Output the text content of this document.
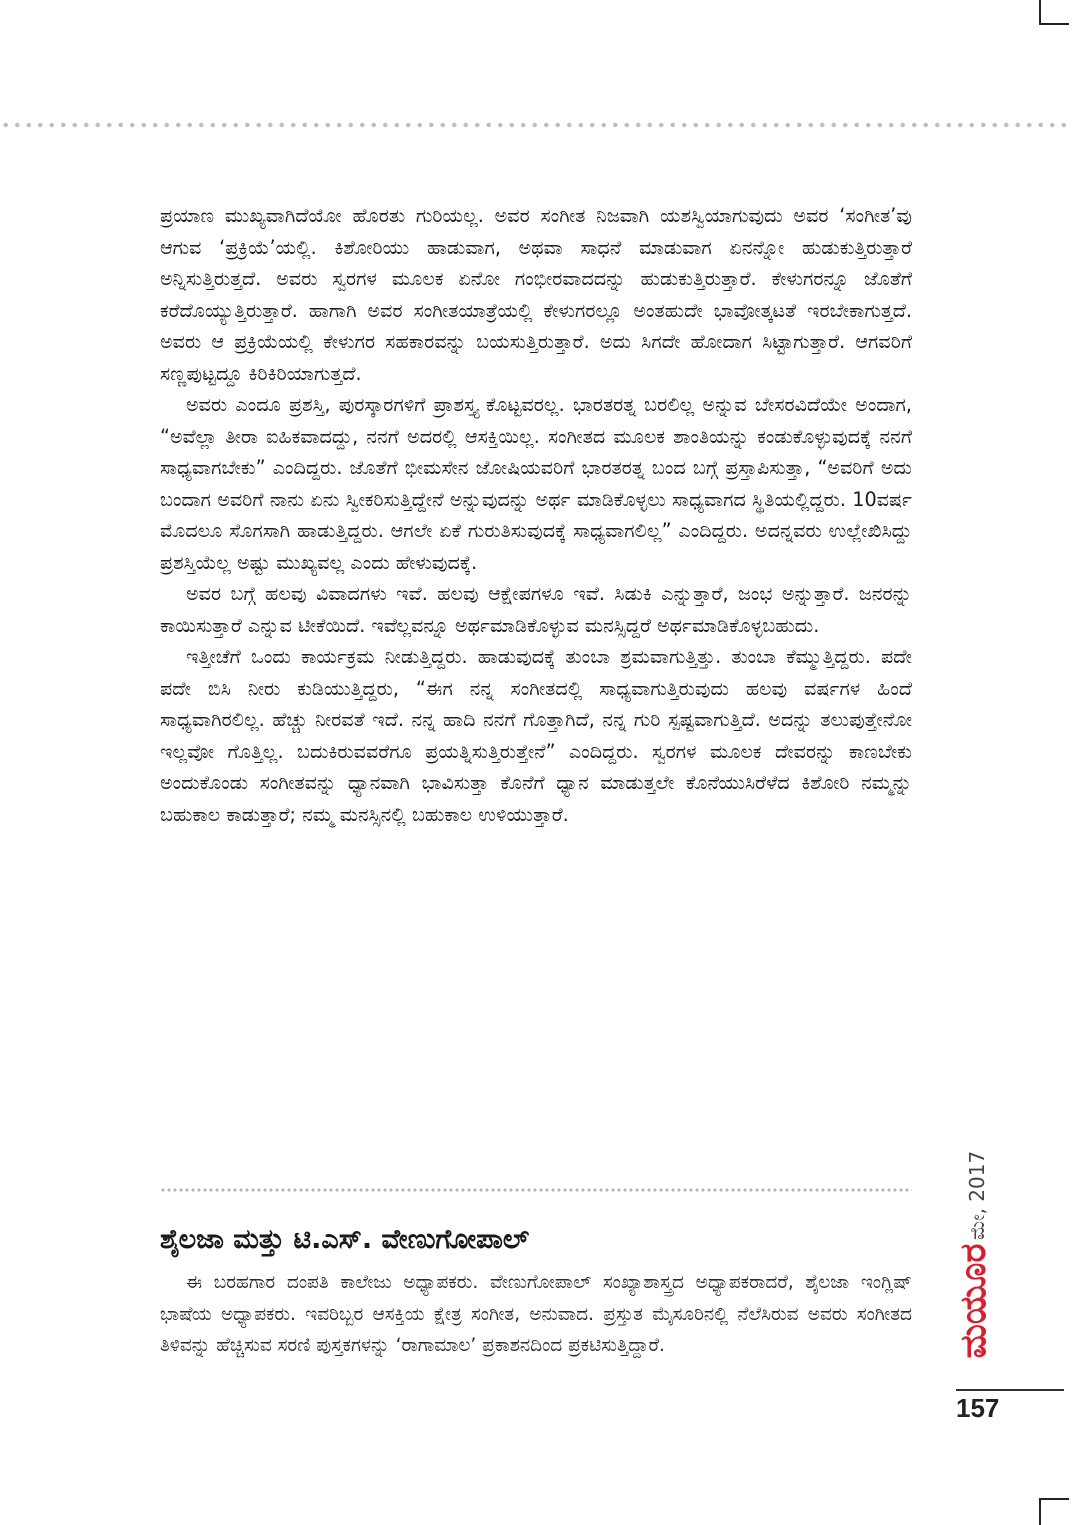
ಪ್ರಯಾಣ ಮುಖ್ಯವಾಗಿದೆಯೋ ಹೊರತು ಗುರಿಯಲ್ಲ. ಅವರ ಸಂಗೀತ ನಿಜವಾಗಿ ಯಶಸ್ವಿಯಾಗುವುದು ಅವರ ‘ಸಂಗೀತ’ವು ಆಗುವ ‘ಪ್ರಕ್ರಿಯೆ’ಯಲ್ಲಿ. ಕಿಶೋರಿಯು ಹಾಡುವಾಗ, ಅಥವಾ ಸಾಧನೆ ಮಾಡುವಾಗ ಏನನ್ನೋ ಹುಡುಕುತ್ತಿರುತ್ತಾರೆ ಅನ್ನಿಸುತ್ತಿರುತ್ತದೆ. ಅವರು ಸ್ವರಗಳ ಮೂಲಕ ಏನೋ ಗಂಭೀರವಾದದನ್ನು ಹುಡುಕುತ್ತಿರುತ್ತಾರೆ. ಕೇಳುಗರನ್ನೂ ಜೊತೆಗೆ ಕರೆದೊಯ್ಯುತ್ತಿರುತ್ತಾರೆ. ಹಾಗಾಗಿ ಅವರ ಸಂಗೀತಯಾತ್ರೆಯಲ್ಲಿ ಕೇಳುಗರಲ್ಲೂ ಅಂತಹುದೇ ಭಾವೋತ್ಕಟತೆ ಇರಬೇಕಾಗುತ್ತದೆ. ಅವರು ಆ ಪ್ರಕ್ರಿಯೆಯಲ್ಲಿ ಕೇಳುಗರ ಸಹಕಾರವನ್ನು ಬಯಸುತ್ತಿರುತ್ತಾರೆ. ಅದು ಸಿಗದೇ ಹೋದಾಗ ಸಿಟ್ಟಾಗುತ್ತಾರೆ. ಆಗವರಿಗೆ ಸಣ್ಣಪುಟ್ಟದ್ದೂ ಕಿರಿಕಿರಿಯಾಗುತ್ತದೆ.

ಅವರು ಎಂದೂ ಪ್ರಶಸ್ತಿ, ಪುರಸ್ಕಾರಗಳಿಗೆ ಪ್ರಾಶಸ್ತ್ಯ ಕೊಟ್ಟವರಲ್ಲ. ಭಾರತರತ್ನ ಬರಲಿಲ್ಲ ಅನ್ನುವ ಬೇಸರವಿದೆಯೇ ಅಂದಾಗ, “ಅವೆಲ್ಲಾ ತೀರಾ ಐಹಿಕವಾದದ್ದು, ನನಗೆ ಅದರಲ್ಲಿ ಆಸಕ್ತಿಯಿಲ್ಲ. ಸಂಗೀತದ ಮೂಲಕ ಶಾಂತಿಯನ್ನು ಕಂಡುಕೊಳ್ಳುವುದಕ್ಕೆ ನನಗೆ ಸಾಧ್ಯವಾಗಬೇಕು” ಎಂದಿದ್ದರು. ಜೊತೆಗೆ ಭೀಮಸೇನ ಜೋಷಿಯವರಿಗೆ ಭಾರತರತ್ನ ಬಂದ ಬಗ್ಗೆ ಪ್ರಸ್ತಾಪಿಸುತ್ತಾ, “ಅವರಿಗೆ ಅದು ಬಂದಾಗ ಅವರಿಗೆ ನಾನು ಏನು ಸ್ವೀಕರಿಸುತ್ತಿದ್ದೇನೆ ಅನ್ನುವುದನ್ನು ಅರ್ಥ ಮಾಡಿಕೊಳ್ಳಲು ಸಾಧ್ಯವಾಗದ ಸ್ಥಿತಿಯಲ್ಲಿದ್ದರು. 10ವರ್ಷ ಮೊದಲೂ ಸೊಗಸಾಗಿ ಹಾಡುತ್ತಿದ್ದರು. ಆಗಲೇ ಏಕೆ ಗುರುತಿಸುವುದಕ್ಕೆ ಸಾಧ್ಯವಾಗಲಿಲ್ಲ” ಎಂದಿದ್ದರು. ಅದನ್ನವರು ಉಲ್ಲೇಖಿಸಿದ್ದು ಪ್ರಶಸ್ತಿಯೆಲ್ಲ ಅಷ್ಟು ಮುಖ್ಯವಲ್ಲ ಎಂದು ಹೇಳುವುದಕ್ಕೆ.

ಅವರ ಬಗ್ಗೆ ಹಲವು ವಿವಾದಗಳು ಇವೆ. ಹಲವು ಆಕ್ಷೇಪಗಳೂ ಇವೆ. ಸಿಡುಕಿ ಎನ್ನುತ್ತಾರೆ, ಜಂಭ ಅನ್ನುತ್ತಾರೆ. ಜನರನ್ನು ಕಾಯಿಸುತ್ತಾರೆ ಎನ್ನುವ ಟೀಕೆಯಿದೆ. ಇವೆಲ್ಲವನ್ನೂ ಅರ್ಥಮಾಡಿಕೊಳ್ಳುವ ಮನಸ್ಸಿದ್ದರೆ ಅರ್ಥಮಾಡಿಕೊಳ್ಳಬಹುದು.

ಇತ್ತೀಚೆಗೆ ಒಂದು ಕಾರ್ಯಕ್ರಮ ನೀಡುತ್ತಿದ್ದರು. ಹಾಡುವುದಕ್ಕೆ ತುಂಬಾ ಶ್ರಮವಾಗುತ್ತಿತ್ತು. ತುಂಬಾ ಕೆಮ್ಮುತ್ತಿದ್ದರು. ಪದೇ ಪದೇ ಬಿಸಿ ನೀರು ಕುಡಿಯುತ್ತಿದ್ದರು, “ಈಗ ನನ್ನ ಸಂಗೀತದಲ್ಲಿ ಸಾಧ್ಯವಾಗುತ್ತಿರುವುದು ಹಲವು ವರ್ಷಗಳ ಹಿಂದೆ ಸಾಧ್ಯವಾಗಿರಲಿಲ್ಲ. ಹೆಚ್ಚು ನೀರವತೆ ಇದೆ. ನನ್ನ ಹಾದಿ ನನಗೆ ಗೊತ್ತಾಗಿದೆ, ನನ್ನ ಗುರಿ ಸ್ಪಷ್ಟವಾಗುತ್ತಿದೆ. ಅದನ್ನು ತಲುಪುತ್ತೇನೋ ಇಲ್ಲವೋ ಗೊತ್ತಿಲ್ಲ. ಬದುಕಿರುವವರೆಗೂ ಪ್ರಯತ್ನಿಸುತ್ತಿರುತ್ತೇನೆ” ಎಂದಿದ್ದರು. ಸ್ವರಗಳ ಮೂಲಕ ದೇವರನ್ನು ಕಾಣಬೇಕು ಅಂದುಕೊಂಡು ಸಂಗೀತವನ್ನು ಧ್ಯಾನವಾಗಿ ಭಾವಿಸುತ್ತಾ ಕೊನೆಗೆ ಧ್ಯಾನ ಮಾಡುತ್ತಲೇ ಕೊನೆಯುಸಿರೆಳೆದ ಕಿಶೋರಿ ನಮ್ಮನ್ನು ಬಹುಕಾಲ ಕಾಡುತ್ತಾರೆ; ನಮ್ಮ ಮನಸ್ಸಿನಲ್ಲಿ ಬಹುಕಾಲ ಉಳಿಯುತ್ತಾರೆ.

ಶೈಲಜಾ ಮತ್ತು ಟಿ.ಎಸ್. ವೇಣುಗೋಪಾಲ್

ಈ ಬರಹಗಾರ ದಂಪತಿ ಕಾಲೇಜು ಅಧ್ಯಾಪಕರು. ವೇಣುಗೋಪಾಲ್ ಸಂಖ್ಯಾಶಾಸ್ತ್ರದ ಅಧ್ಯಾಪಕರಾದರೆ, ಶೈಲಜಾ ಇಂಗ್ಲಿಷ್ ಭಾಷೆಯ ಅಧ್ಯಾಪಕರು. ಇವರಿಬ್ಬರ ಆಸಕ್ತಿಯ ಕ್ಷೇತ್ರ ಸಂಗೀತ, ಅನುವಾದ. ಪ್ರಸ್ತುತ ಮೈಸೂರಿನಲ್ಲಿ ನೆಲೆಸಿರುವ ಅವರು ಸಂಗೀತದ ತಿಳಿವನ್ನು ಹೆಚ್ಚಿಸುವ ಸರಣಿ ಪುಸ್ತಕಗಳನ್ನು ‘ರಾಗಾಮಾಲ’ ಪ್ರಕಾಶನದಿಂದ ಪ್ರಕಟಿಸುತ್ತಿದ್ದಾರೆ.

ಮೇ, 2017
ಮಯೂರ
157
